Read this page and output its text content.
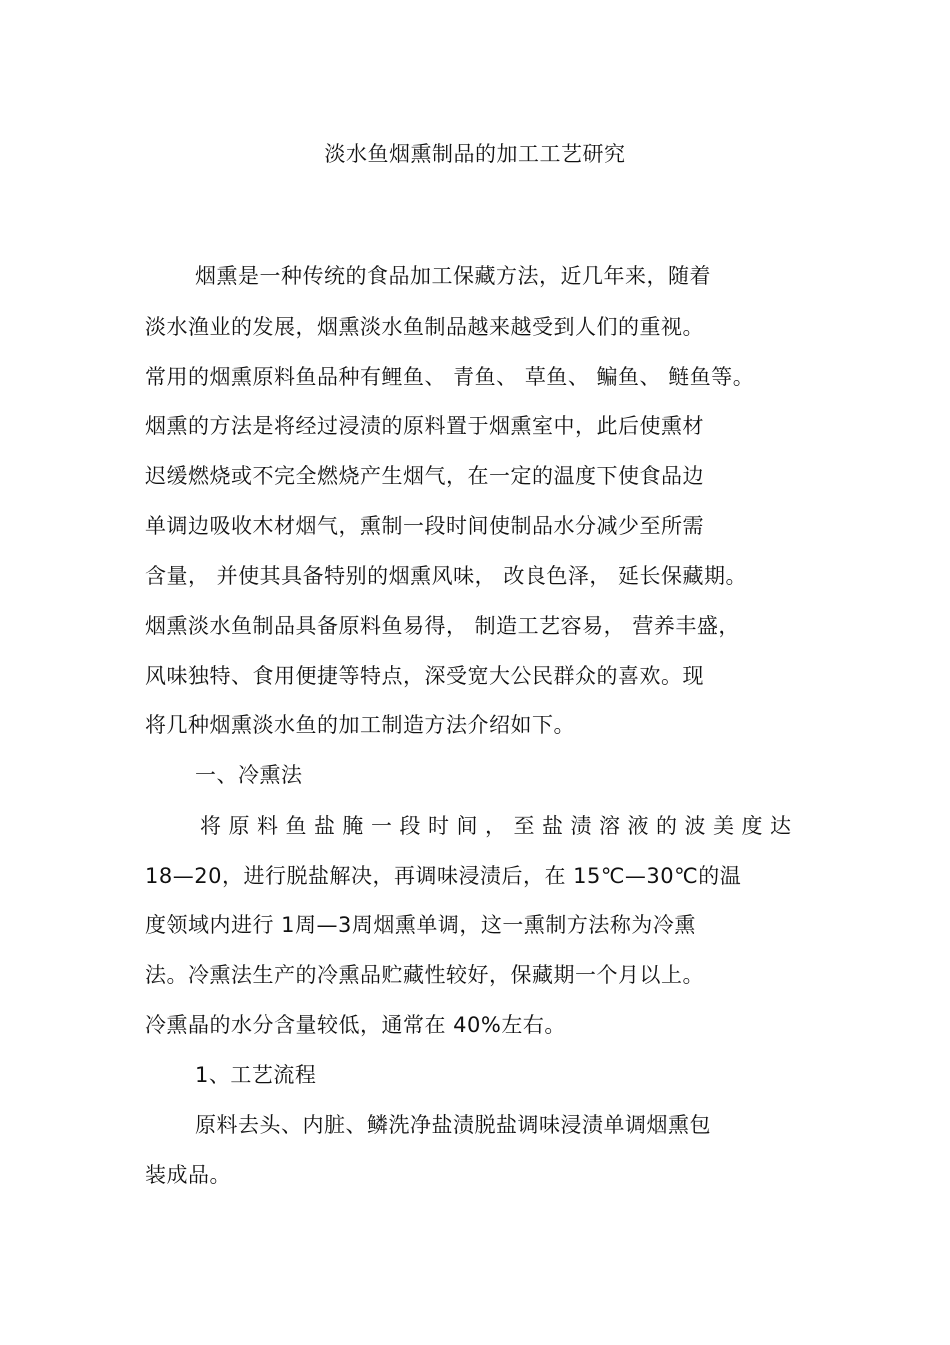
淡水鱼烟熏制品的加工工艺研究
烟熏是一种传统的食品加工保藏方法，近几年来，随着
淡水渔业的发展，烟熏淡水鱼制品越来越受到人们的重视。
常用的烟熏原料鱼品种有鲤鱼、 青鱼、 草鱼、 鳊鱼、 鲢鱼等。
烟熏的方法是将经过浸渍的原料置于烟熏室中，此后使熏材
迟缓燃烧或不完全燃烧产生烟气，在一定的温度下使食品边
单调边吸收木材烟气，熏制一段时间使制品水分减少至所需
含量， 并使其具备特别的烟熏风味， 改良色泽， 延长保藏期。
烟熏淡水鱼制品具备原料鱼易得， 制造工艺容易， 营养丰盛，
风味独特、食用便捷等特点，深受宽大公民群众的喜欢。现
将几种烟熏淡水鱼的加工制造方法介绍如下。
一、冷熏法
将原料鱼盐腌一段时间，至盐渍溶液的波美度达
18—20，进行脱盐解决，再调味浸渍后，在 15℃—30℃的温
度领域内进行 1周—3周烟熏单调，这一熏制方法称为冷熏
法。冷熏法生产的冷熏品贮藏性较好，保藏期一个月以上。
冷熏晶的水分含量较低，通常在 40%左右。
1、工艺流程
原料去头、内脏、鳞洗净盐渍脱盐调味浸渍单调烟熏包
装成品。
